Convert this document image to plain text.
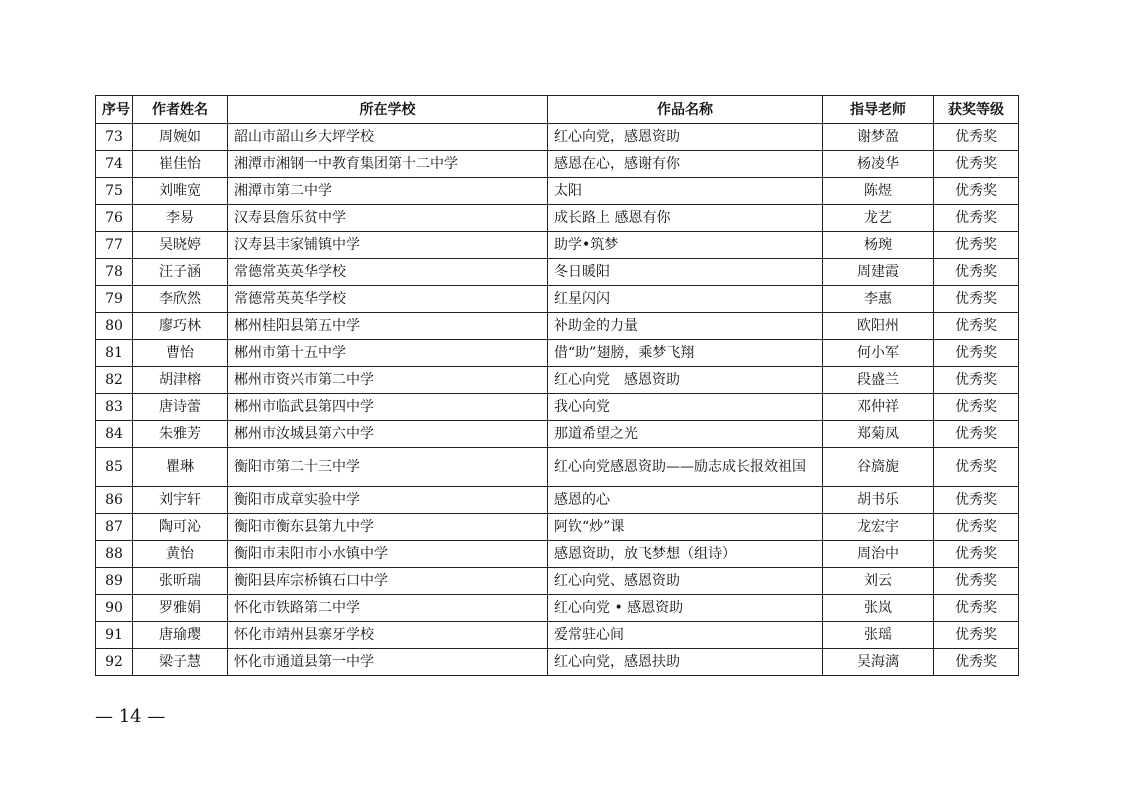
序号	作者姓名	所在学校	作品名称	指导老师	获奖等级
73	周婉如	韶山市韶山乡大坪学校	红心向党，感恩资助	谢梦盈	优秀奖
74	崔佳怡	湘潭市湘钢一中教育集团第十二中学	感恩在心，感谢有你	杨凌华	优秀奖
75	刘唯宽	湘潭市第二中学	太阳	陈煜	优秀奖
76	李易	汉寿县詹乐贫中学	成长路上 感恩有你	龙艺	优秀奖
77	吴晓婷	汉寿县丰家铺镇中学	助学•筑梦	杨琬	优秀奖
78	汪子涵	常德常英英华学校	冬日暖阳	周建霞	优秀奖
79	李欣然	常德常英英华学校	红星闪闪	李惠	优秀奖
80	廖巧林	郴州桂阳县第五中学	补助金的力量	欧阳州	优秀奖
81	曹怡	郴州市第十五中学	借“助”翅膀，乘梦飞翔	何小军	优秀奖
82	胡津榕	郴州市资兴市第二中学	红心向党　感恩资助	段盛兰	优秀奖
83	唐诗蕾	郴州市临武县第四中学	我心向党	邓仲祥	优秀奖
84	朱雅芳	郴州市汝城县第六中学	那道希望之光	郑菊凤	优秀奖
85	瞿琳	衡阳市第二十三中学	红心向党感恩资助——励志成长报效祖国	谷旖旎	优秀奖
86	刘宇轩	衡阳市成章实验中学	感恩的心	胡书乐	优秀奖
87	陶可沁	衡阳市衡东县第九中学	阿钦“炒”课	龙宏宇	优秀奖
88	黄怡	衡阳市耒阳市小水镇中学	感恩资助，放飞梦想（组诗）	周治中	优秀奖
89	张昕瑞	衡阳县库宗桥镇石口中学	红心向党、感恩资助	刘云	优秀奖
90	罗雅娟	怀化市铁路第二中学	红心向党 • 感恩资助	张岚	优秀奖
91	唐瑜璎	怀化市靖州县寨牙学校	爱常驻心间	张瑶	优秀奖
92	梁子慧	怀化市通道县第一中学	红心向党，感恩扶助	吴海漓	优秀奖
— 14 —
